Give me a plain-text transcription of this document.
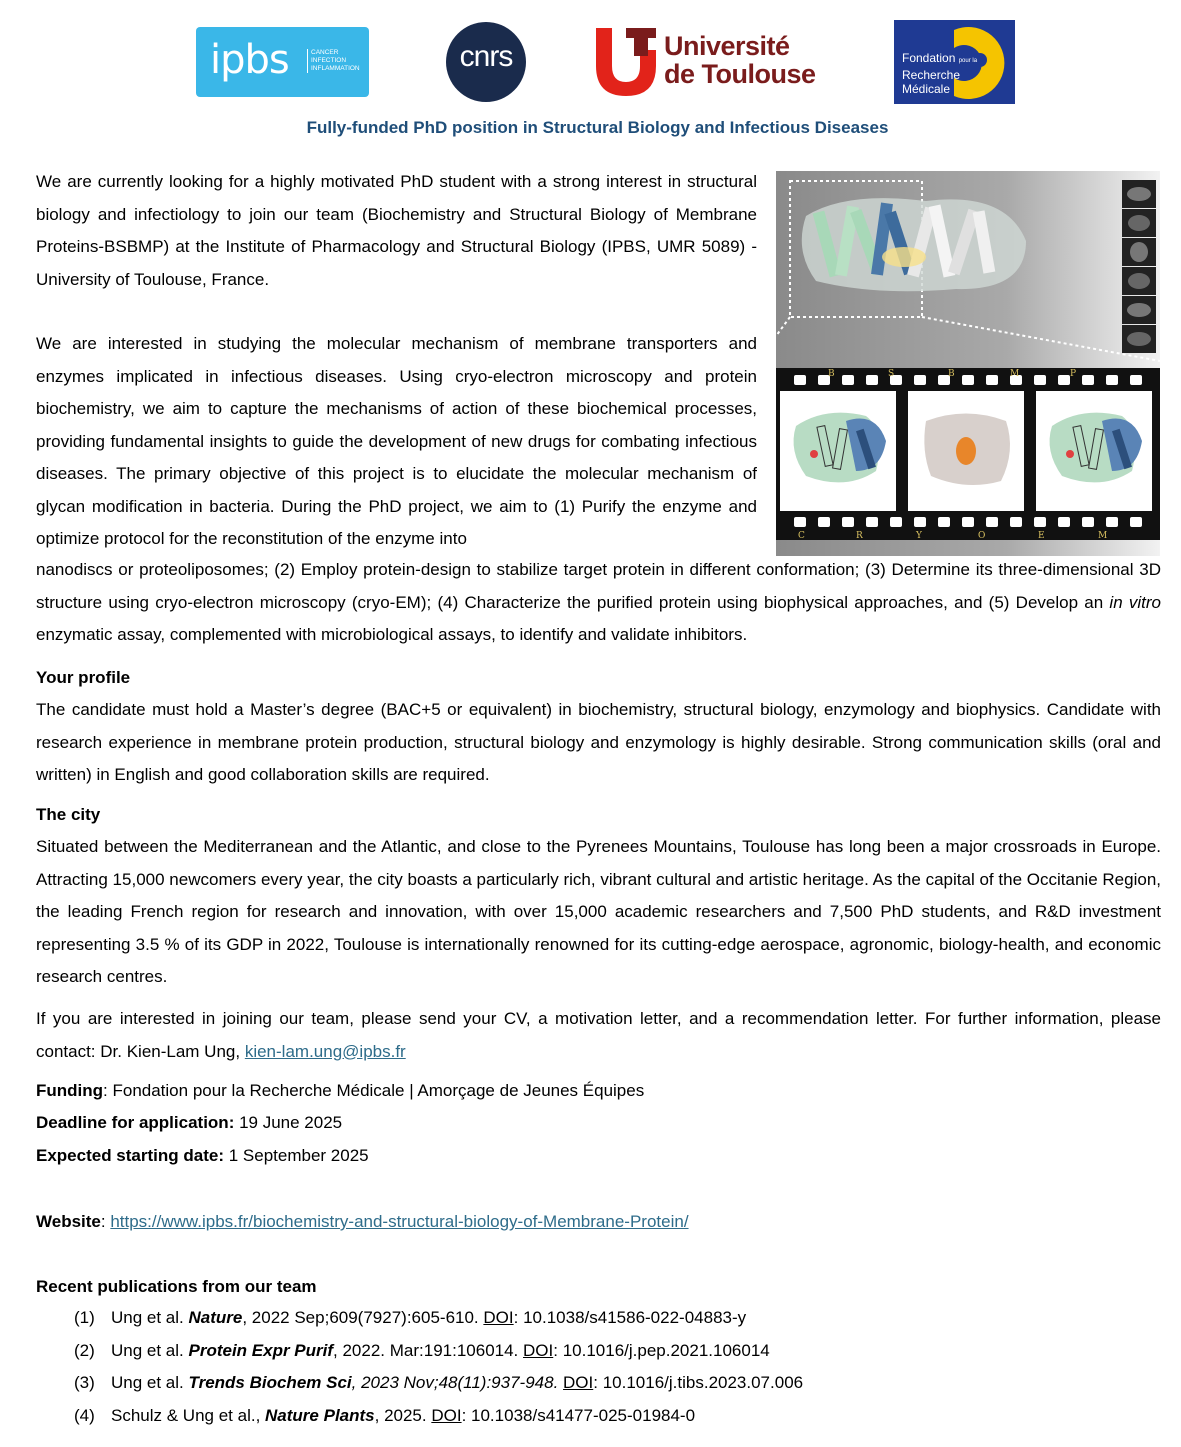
ipbs	CANCER
INFECTION
INFLAMMATION	cnrs	Université
de Toulouse
Fondation pour la
Recherche
Médicale
Fully-funded PhD position in Structural Biology and Infectious Diseases

We are currently looking for a highly motivated PhD student with a strong interest in structural biology and infectiology to join our team (Biochemistry and Structural Biology of Membrane Proteins-BSBMP) at the Institute of Pharmacology and Structural Biology (IPBS, UMR 5089) - University of Toulouse, France.

We are interested in studying the molecular mechanism of membrane transporters and enzymes implicated in infectious diseases. Using cryo-electron microscopy and protein biochemistry, we aim to capture the mechanisms of action of these biochemical processes, providing fundamental insights to guide the development of new drugs for combating infectious diseases. The primary objective of this project is to elucidate the molecular mechanism of glycan modification in bacteria. During the PhD project, we aim to (1) Purify the enzyme and optimize protocol for the reconstitution of the enzyme into

nanodiscs or proteoliposomes; (2) Employ protein-design to stabilize target protein in different conformation; (3) Determine its three-dimensional 3D structure using cryo-electron microscopy (cryo-EM); (4) Characterize the purified protein using biophysical approaches, and (5) Develop an in vitro enzymatic assay, complemented with microbiological assays, to identify and validate inhibitors.

B	S	B	M	P
C	R	Y	O	E	M
Your profile

The candidate must hold a Master’s degree (BAC+5 or equivalent) in biochemistry, structural biology, enzymology and biophysics. Candidate with research experience in membrane protein production, structural biology and enzymology is highly desirable. Strong communication skills (oral and written) in English and good collaboration skills are required.

The city

Situated between the Mediterranean and the Atlantic, and close to the Pyrenees Mountains, Toulouse has long been a major crossroads in Europe. Attracting 15,000 newcomers every year, the city boasts a particularly rich, vibrant cultural and artistic heritage. As the capital of the Occitanie Region, the leading French region for research and innovation, with over 15,000 academic researchers and 7,500 PhD students, and R&D investment representing 3.5 % of its GDP in 2022, Toulouse is internationally renowned for its cutting-edge aerospace, agronomic, biology-health, and economic research centres.

If you are interested in joining our team, please send your CV, a motivation letter, and a recommendation letter. For further information, please contact: Dr. Kien-Lam Ung, kien-lam.ung@ipbs.fr

Funding: Fondation pour la Recherche Médicale | Amorçage de Jeunes Équipes
Deadline for application: 19 June 2025
Expected starting date: 1 September 2025
Website: https://www.ipbs.fr/biochemistry-and-structural-biology-of-Membrane-Protein/
Recent publications from our team
(1) Ung et al. Nature, 2022 Sep;609(7927):605-610. DOI: 10.1038/s41586-022-04883-y
(2) Ung et al. Protein Expr Purif, 2022. Mar:191:106014. DOI: 10.1016/j.pep.2021.106014
(3) Ung et al. Trends Biochem Sci, 2023 Nov;48(11):937-948. DOI: 10.1016/j.tibs.2023.07.006
(4) Schulz & Ung et al., Nature Plants, 2025. DOI: 10.1038/s41477-025-01984-0
